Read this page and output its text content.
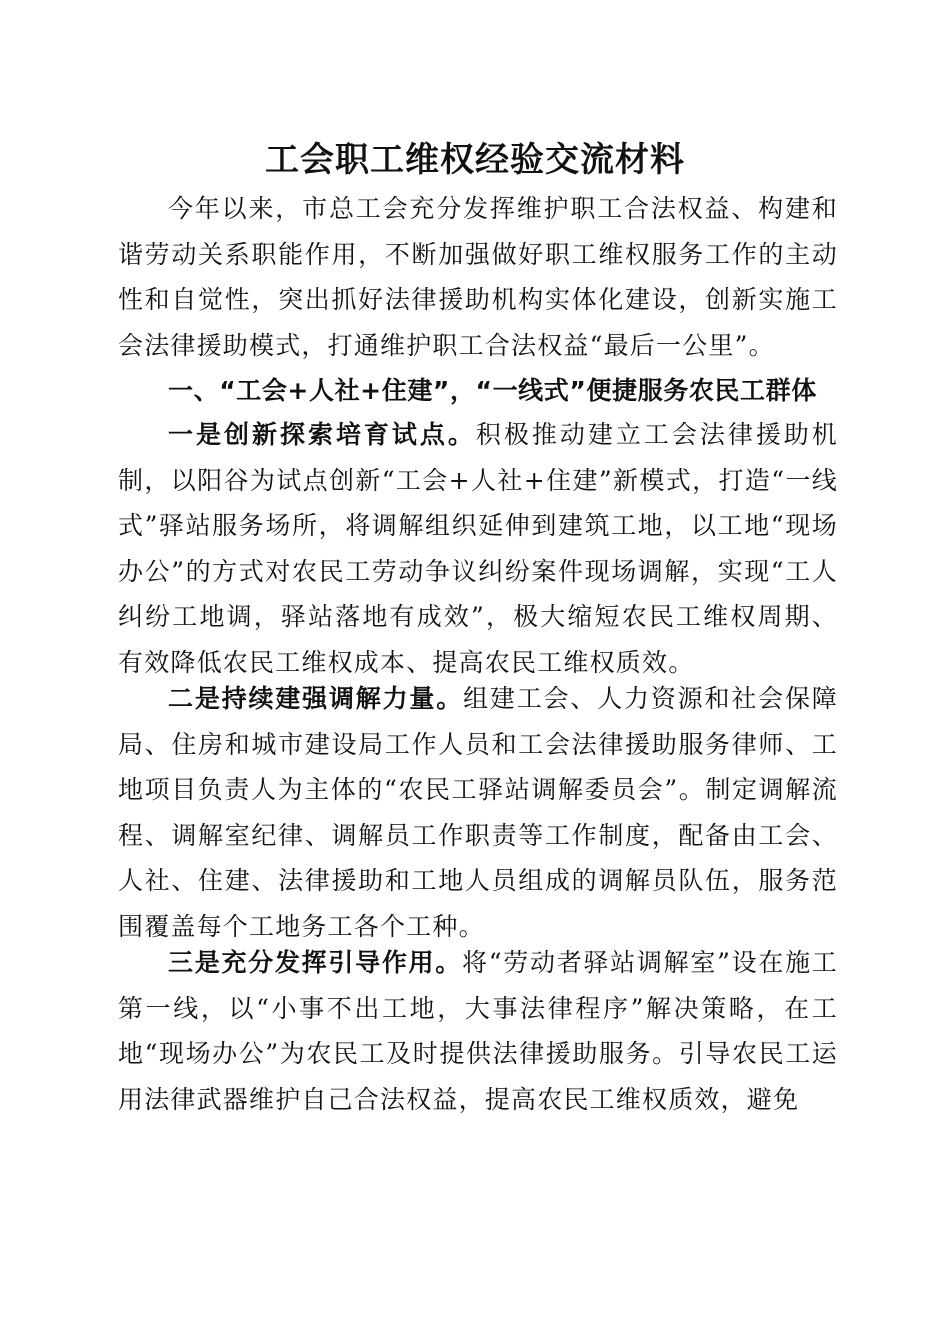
工会职工维权经验交流材料

今年以来，市总工会充分发挥维护职工合法权益、构建和谐劳动关系职能作用，不断加强做好职工维权服务工作的主动性和自觉性，突出抓好法律援助机构实体化建设，创新实施工会法律援助模式，打通维护职工合法权益“最后一公里”。

一、“工会+人社+住建”，“一线式”便捷服务农民工群体

一是创新探索培育试点。积极推动建立工会法律援助机制，以阳谷为试点创新“工会+人社+住建”新模式，打造“一线式”驿站服务场所，将调解组织延伸到建筑工地，以工地“现场办公”的方式对农民工劳动争议纠纷案件现场调解，实现“工人纠纷工地调，驿站落地有成效”，极大缩短农民工维权周期、有效降低农民工维权成本、提高农民工维权质效。

二是持续建强调解力量。组建工会、人力资源和社会保障局、住房和城市建设局工作人员和工会法律援助服务律师、工地项目负责人为主体的“农民工驿站调解委员会”。制定调解流程、调解室纪律、调解员工作职责等工作制度，配备由工会、人社、住建、法律援助和工地人员组成的调解员队伍，服务范围覆盖每个工地务工各个工种。

三是充分发挥引导作用。将“劳动者驿站调解室”设在施工第一线，以“小事不出工地，大事法律程序”解决策略，在工地“现场办公”为农民工及时提供法律援助服务。引导农民工运用法律武器维护自己合法权益，提高农民工维权质效，避免
